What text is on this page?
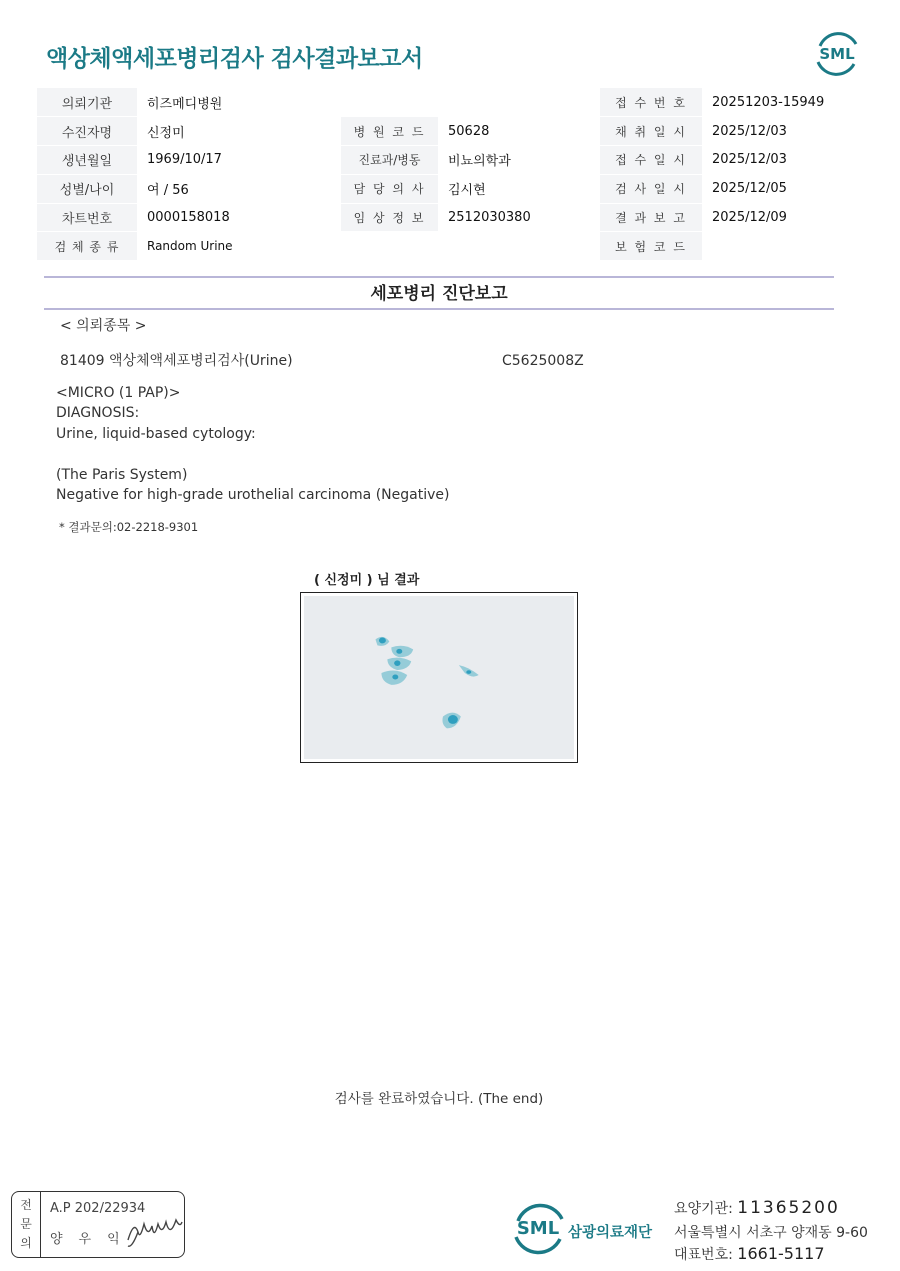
액상체액세포병리검사 검사결과보고서	SML
의뢰기관	히즈메디병원			접 수 번 호	20251203-15949
수진자명	신정미	병 원 코 드	50628	채 취 일 시	2025/12/03
생년월일	1969/10/17	진료과/병동	비뇨의학과	접 수 일 시	2025/12/03
성별/나이	여 / 56	담 당 의 사	김시현	검 사 일 시	2025/12/05
차트번호	0000158018	임 상 정 보	2512030380	결 과 보 고	2025/12/09
검 체 종 류	Random Urine			보 험 코 드	
세포병리 진단보고
< 의뢰종목 >
81409 액상체액세포병리검사(Urine)	C5625008Z
<MICRO (1 PAP)>
DIAGNOSIS:
Urine, liquid-based cytology:
(The Paris System)
Negative for high-grade urothelial carcinoma (Negative)
* 결과문의:02-2218-9301
( 신정미 ) 님 결과
검사를 완료하였습니다. (The end)
전
문
의
A.P 202/22934
양우익
SML 삼광의료재단
요양기관: 11365200
서울특별시 서초구 양재동 9-60
대표번호: 1661-5117
